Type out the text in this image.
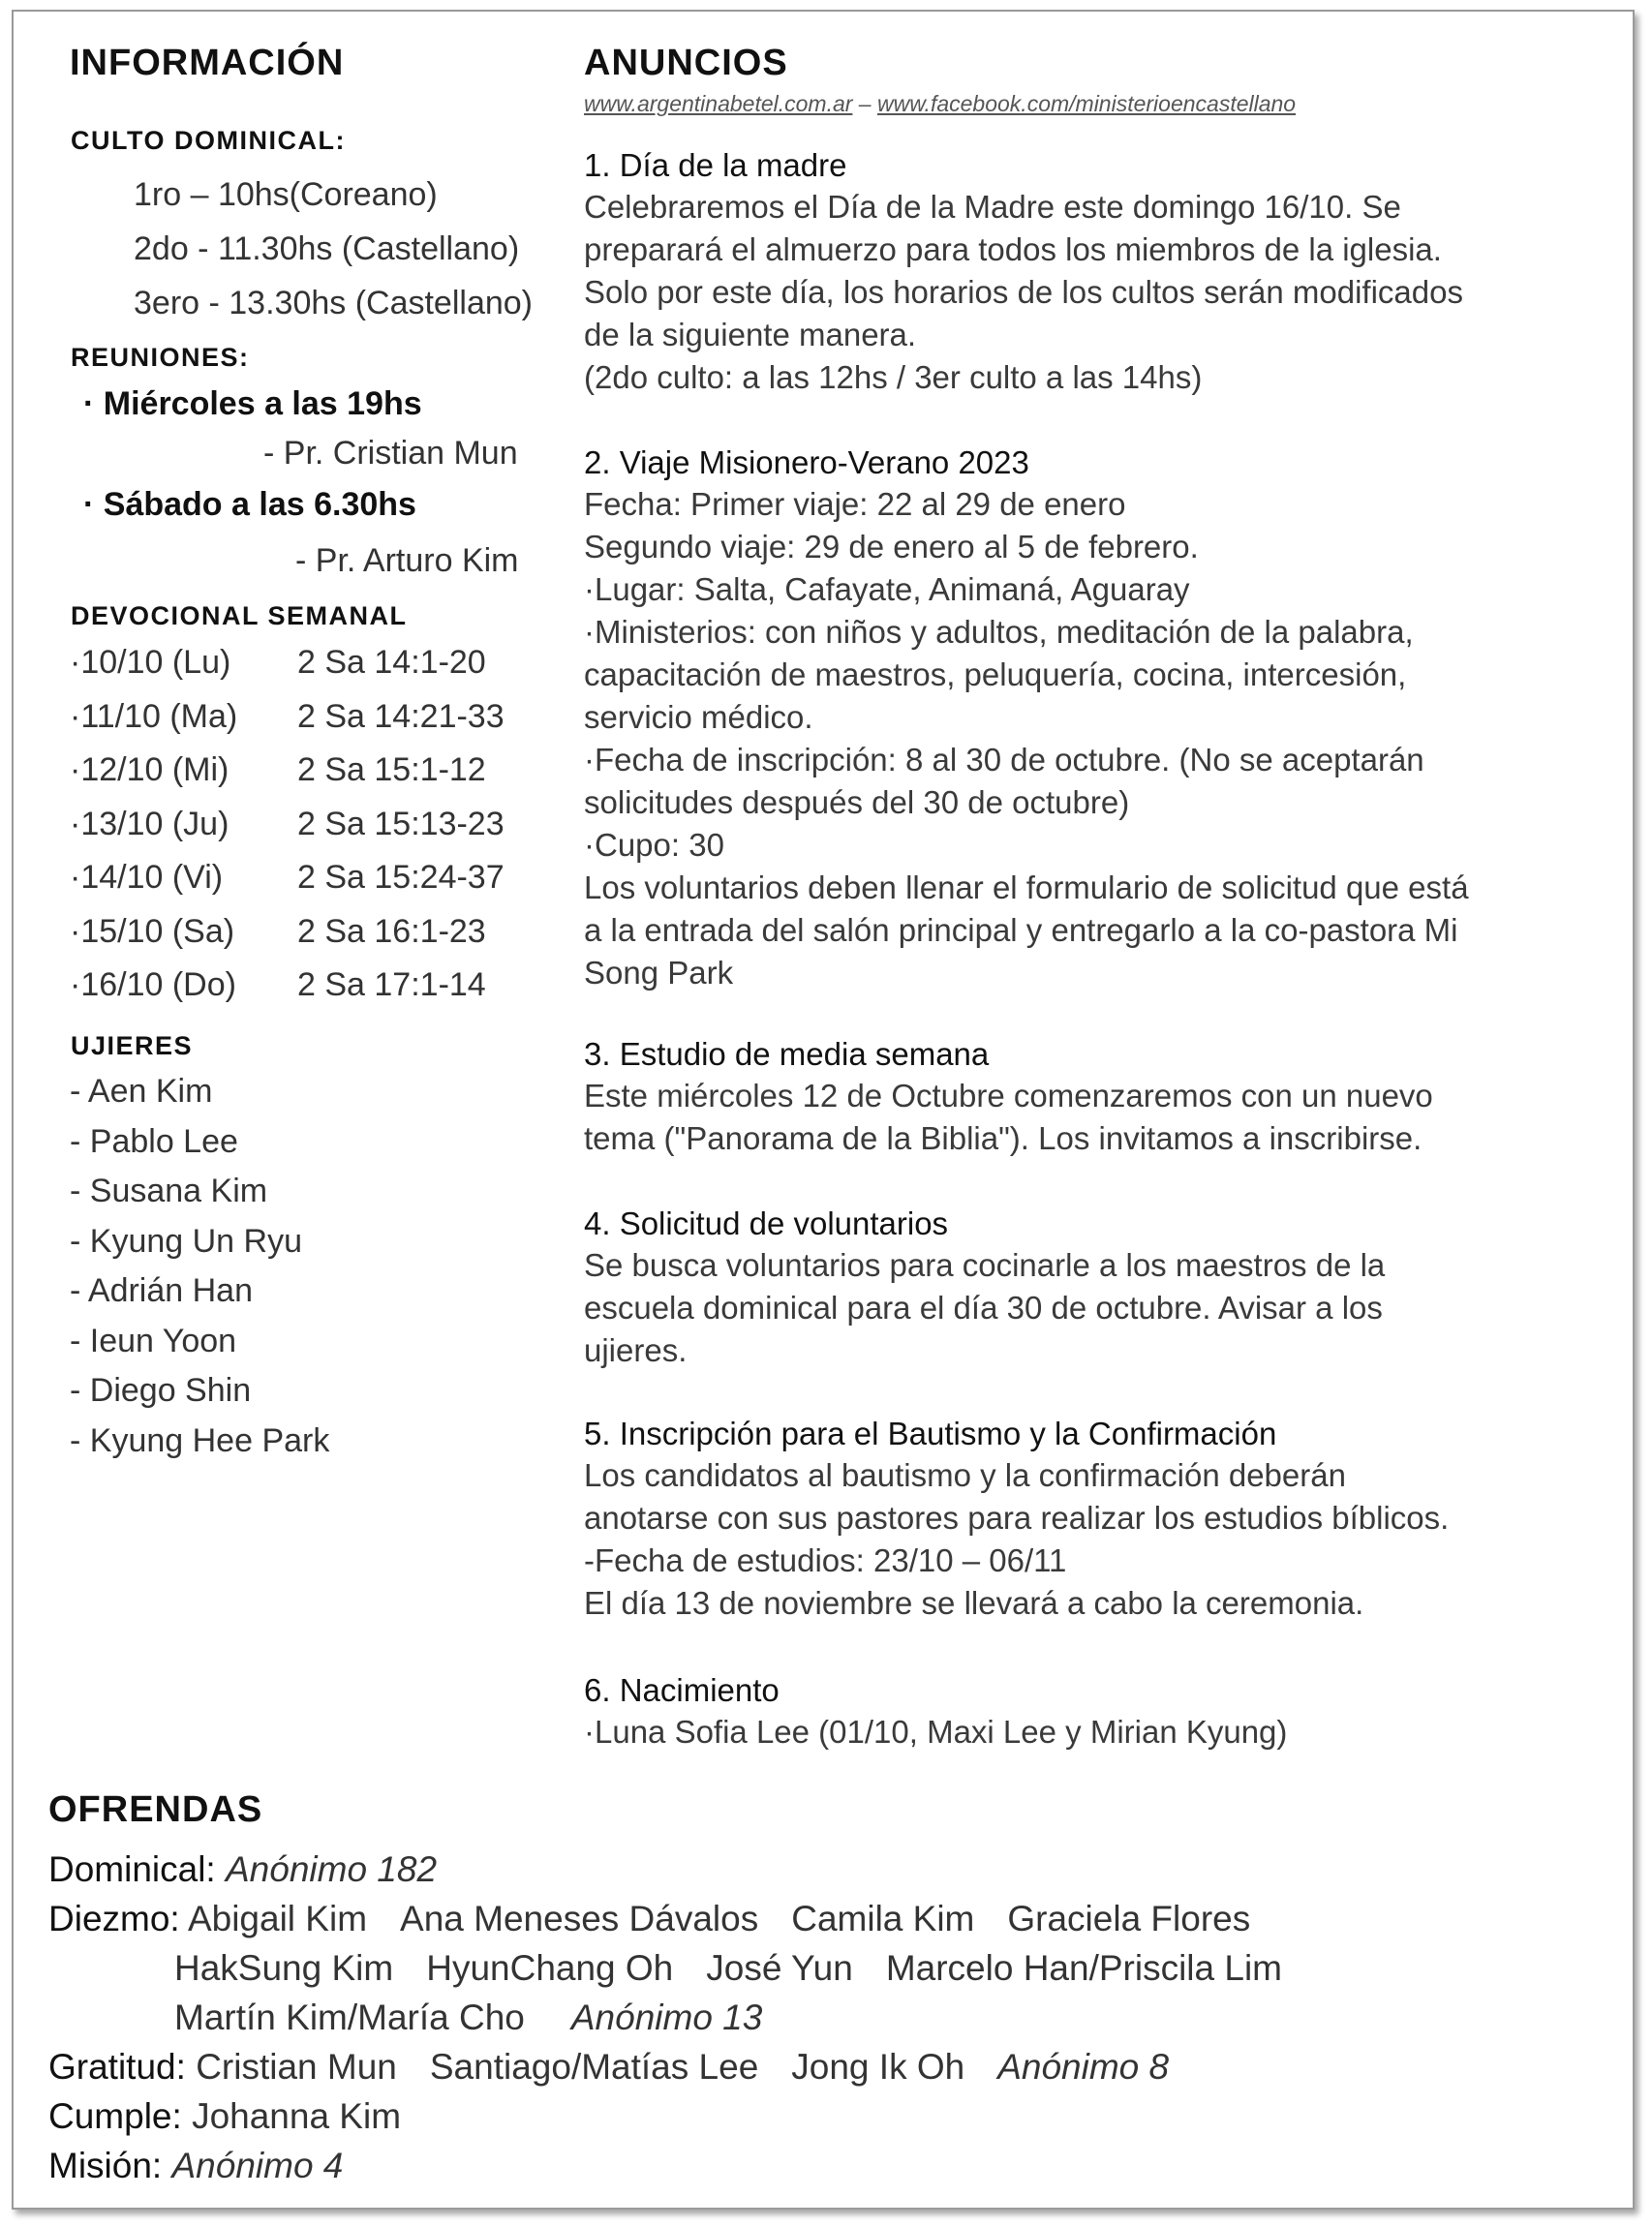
INFORMACIÓN
CULTO DOMINICAL:
1ro – 10hs(Coreano)
2do - 11.30hs (Castellano)
3ero - 13.30hs (Castellano)
REUNIONES:
· Miércoles a las 19hs
- Pr. Cristian Mun
· Sábado a las 6.30hs
- Pr. Arturo Kim
DEVOCIONAL SEMANAL
·10/10 (Lu) 2 Sa 14:1-20
·11/10 (Ma) 2 Sa 14:21-33
·12/10 (Mi) 2 Sa 15:1-12
·13/10 (Ju) 2 Sa 15:13-23
·14/10 (Vi) 2 Sa 15:24-37
·15/10 (Sa) 2 Sa 16:1-23
·16/10 (Do) 2 Sa 17:1-14
UJIERES
- Aen Kim
- Pablo Lee
- Susana Kim
- Kyung Un Ryu
- Adrián Han
- Ieun Yoon
- Diego Shin
- Kyung Hee Park
ANUNCIOS
www.argentinabetel.com.ar – www.facebook.com/ministerioencastellano
1. Día de la madre
Celebraremos el Día de la Madre este domingo 16/10. Se
preparará el almuerzo para todos los miembros de la iglesia.
Solo por este día, los horarios de los cultos serán modificados
de la siguiente manera.
(2do culto: a las 12hs / 3er culto a las 14hs)
2. Viaje Misionero-Verano 2023
Fecha: Primer viaje: 22 al 29 de enero
Segundo viaje: 29 de enero al 5 de febrero.
·Lugar: Salta, Cafayate, Animaná, Aguaray
·Ministerios: con niños y adultos, meditación de la palabra,
capacitación de maestros, peluquería, cocina, intercesión,
servicio médico.
·Fecha de inscripción: 8 al 30 de octubre. (No se aceptarán
solicitudes después del 30 de octubre)
·Cupo: 30
Los voluntarios deben llenar el formulario de solicitud que está
a la entrada del salón principal y entregarlo a la co-pastora Mi
Song Park
3. Estudio de media semana
Este miércoles 12 de Octubre comenzaremos con un nuevo
tema ("Panorama de la Biblia"). Los invitamos a inscribirse.
4. Solicitud de voluntarios
Se busca voluntarios para cocinarle a los maestros de la
escuela dominical para el día 30 de octubre. Avisar a los
ujieres.
5. Inscripción para el Bautismo y la Confirmación
Los candidatos al bautismo y la confirmación deberán
anotarse con sus pastores para realizar los estudios bíblicos.
-Fecha de estudios: 23/10 – 06/11
El día 13 de noviembre se llevará a cabo la ceremonia.
6. Nacimiento
·Luna Sofia Lee (01/10, Maxi Lee y Mirian Kyung)
OFRENDAS
Dominical: Anónimo 182
Diezmo: Abigail Kim Ana Meneses Dávalos Camila Kim Graciela Flores
HakSung Kim HyunChang Oh José Yun Marcelo Han/Priscila Lim
Martín Kim/María Cho Anónimo 13
Gratitud: Cristian Mun Santiago/Matías Lee Jong Ik Oh Anónimo 8
Cumple: Johanna Kim
Misión: Anónimo 4
